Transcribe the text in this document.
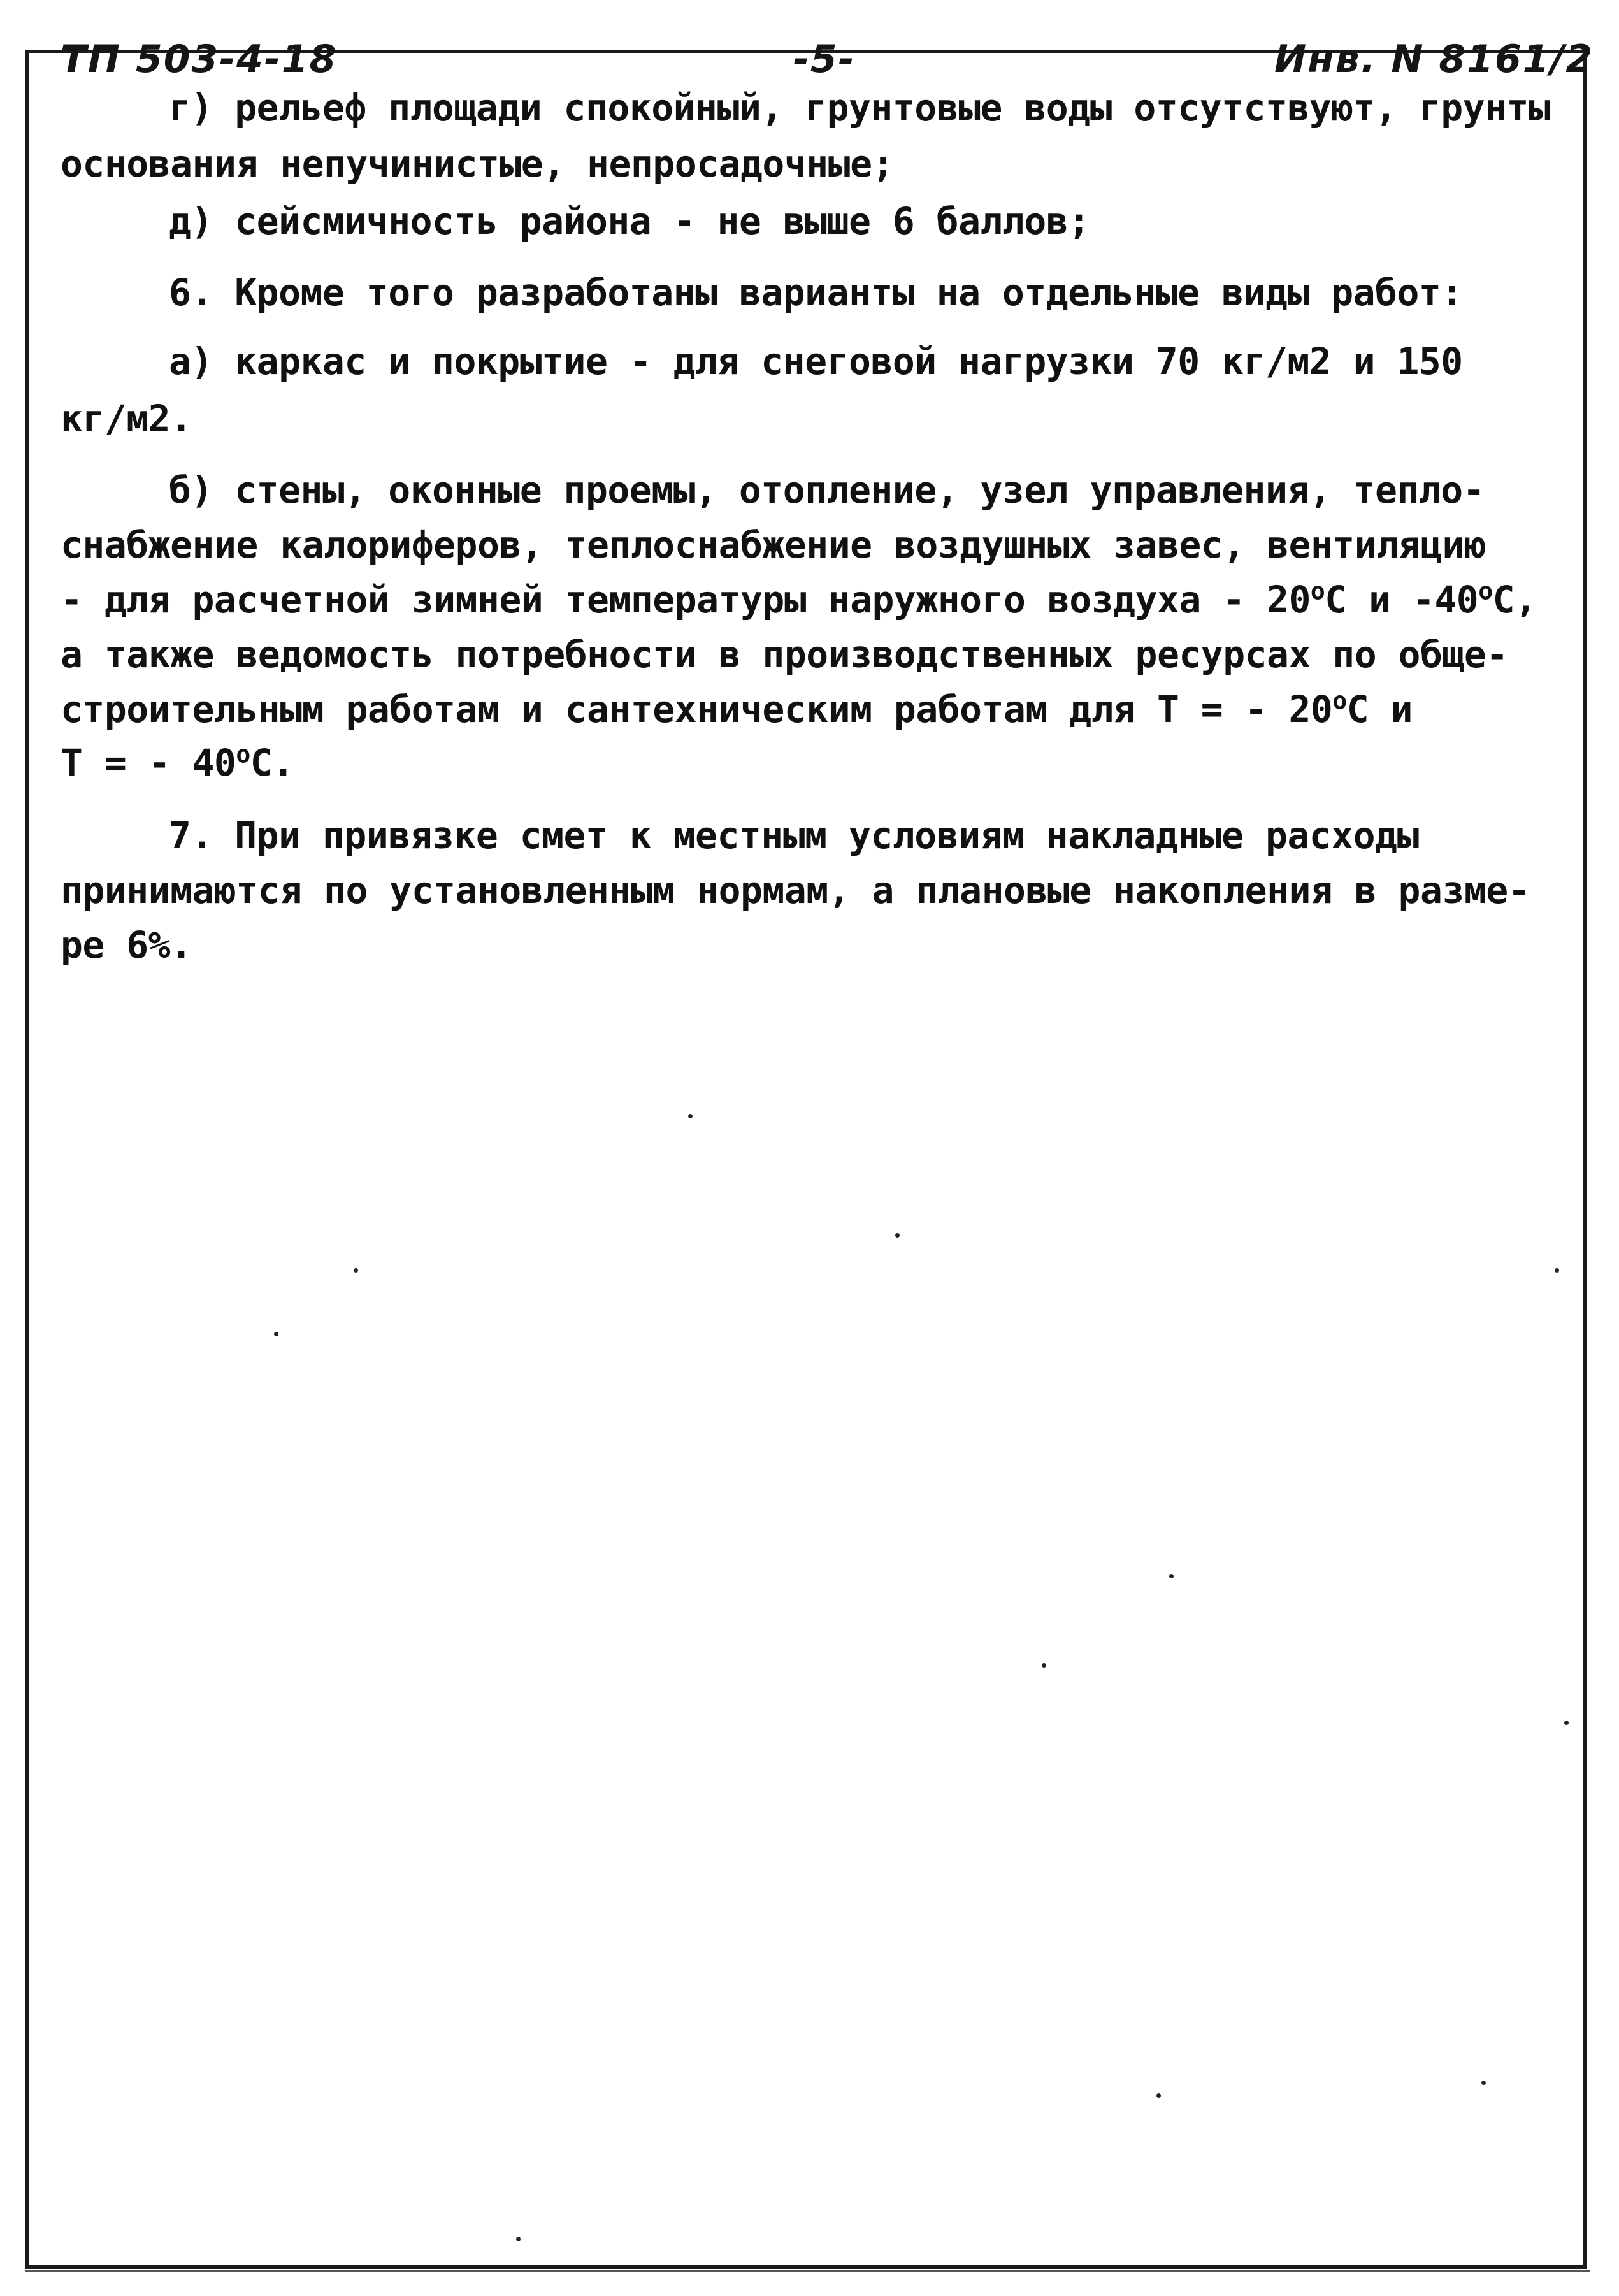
ТП 503-4-18	-5-	Инв. N 8161/2
г) рельеф площади спокойный, грунтовые воды отсутствуют, грунты
основания непучинистые, непросадочные;
д) сейсмичность района - не выше 6 баллов;
6. Кроме того разработаны варианты на отдельные виды работ:
а) каркас и покрытие - для снеговой нагрузки 70 кг/м2 и 150
кг/м2.
б) стены, оконные проемы, отопление, узел управления, тепло-
снабжение калориферов, теплоснабжение воздушных завес, вентиляцию
- для расчетной зимней температуры наружного воздуха - $20^оС$ и $-40^оС$,
а также ведомость потребности в производственных ресурсах по обще-
строительным работам и сантехническим работам для Т = - $20^оС$ и
Т = - $40^оС$.
7. При привязке смет к местным условиям накладные расходы
принимаются по установленным нормам, а плановые накопления в разме-
ре 6%.
